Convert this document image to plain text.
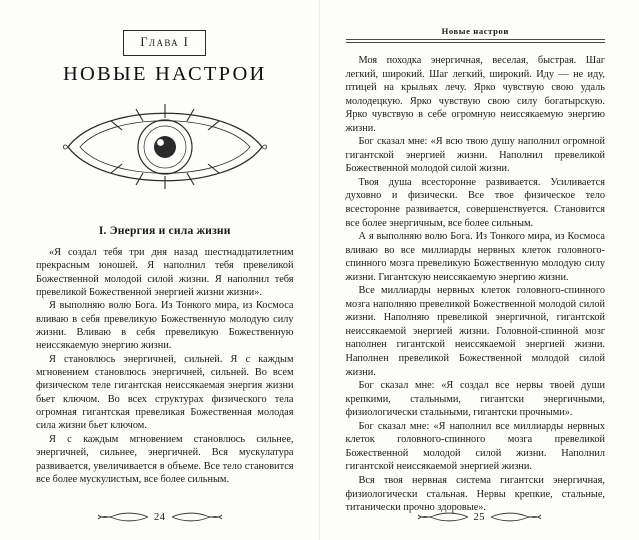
Глава I
НОВЫЕ НАСТРОИ
I. Энергия и сила жизни

«Я создал тебя три дня назад шестнадцатилетним прекрасным юношей. Я наполнил тебя превеликой Божественной молодой силой жизни. Я наполнил тебя превеликой Божественной энергией жизни жизни».

Я выполняю волю Бога. Из Тонкого мира, из Космоса вливаю в себя превеликую Божественную молодую силу жизни. Вливаю в себя превеликую Божественную неиссякаемую энергию жизни.

Я становлюсь энергичней, сильней. Я с каждым мгновением становлюсь энергичней, сильней. Во всем физическом теле гигантская неиссякаемая энергия жизни бьет ключом. Во всех структурах физического тела огромная гигантская превеликая Божественная молодая сила жизни бьет ключом.

Я с каждым мгновением становлюсь сильнее, энергичней, сильнее, энергичней. Вся мускулатура развивается, увеличивается в объеме. Все тело становится все более мускулистым, все более сильным.

24
Новые настрои

Моя походка энергичная, веселая, быстрая. Шаг легкий, широкий. Шаг легкий, широкий. Иду — не иду, птицей на крыльях лечу. Ярко чувствую свою удаль молодецкую. Ярко чувствую свою силу богатырскую. Ярко чувствую в себе огромную неиссякаемую энергию жизни.

Бог сказал мне: «Я всю твою душу наполнил огромной гигантской энергией жизни. Наполнил превеликой Божественной молодой силой жизни.

Твоя душа всесторонне развивается. Усиливается духовно и физически. Все твое физическое тело всесторонне развивается, совершенствуется. Становится все более энергичным, все более сильным.

А я выполняю волю Бога. Из Тонкого мира, из Космоса вливаю во все миллиарды нервных клеток головного-спинного мозга превеликую Божественную молодую силу жизни. Гигантскую неиссякаемую энергию жизни.

Все миллиарды нервных клеток головного-спинного мозга наполняю превеликой Божественной молодой силой жизни. Наполняю превеликой энергичной, гигантской неиссякаемой энергией жизни. Головной-спинной мозг наполнен гигантской неиссякаемой энергией жизни. Наполнен превеликой Божественной молодой силой жизни.

Бог сказал мне: «Я создал все нервы твоей души крепкими, стальными, гигантски энергичными, физиологически стальными, гигантски прочными».

Бог сказал мне: «Я наполнил все миллиарды нервных клеток головного-спинного мозга превеликой Божественной молодой силой жизни. Наполнил гигантской неиссякаемой энергией жизни.

Вся твоя нервная система гигантски энергичная, физиологически стальная. Нервы крепкие, стальные, титанически прочно здоровые».

25
